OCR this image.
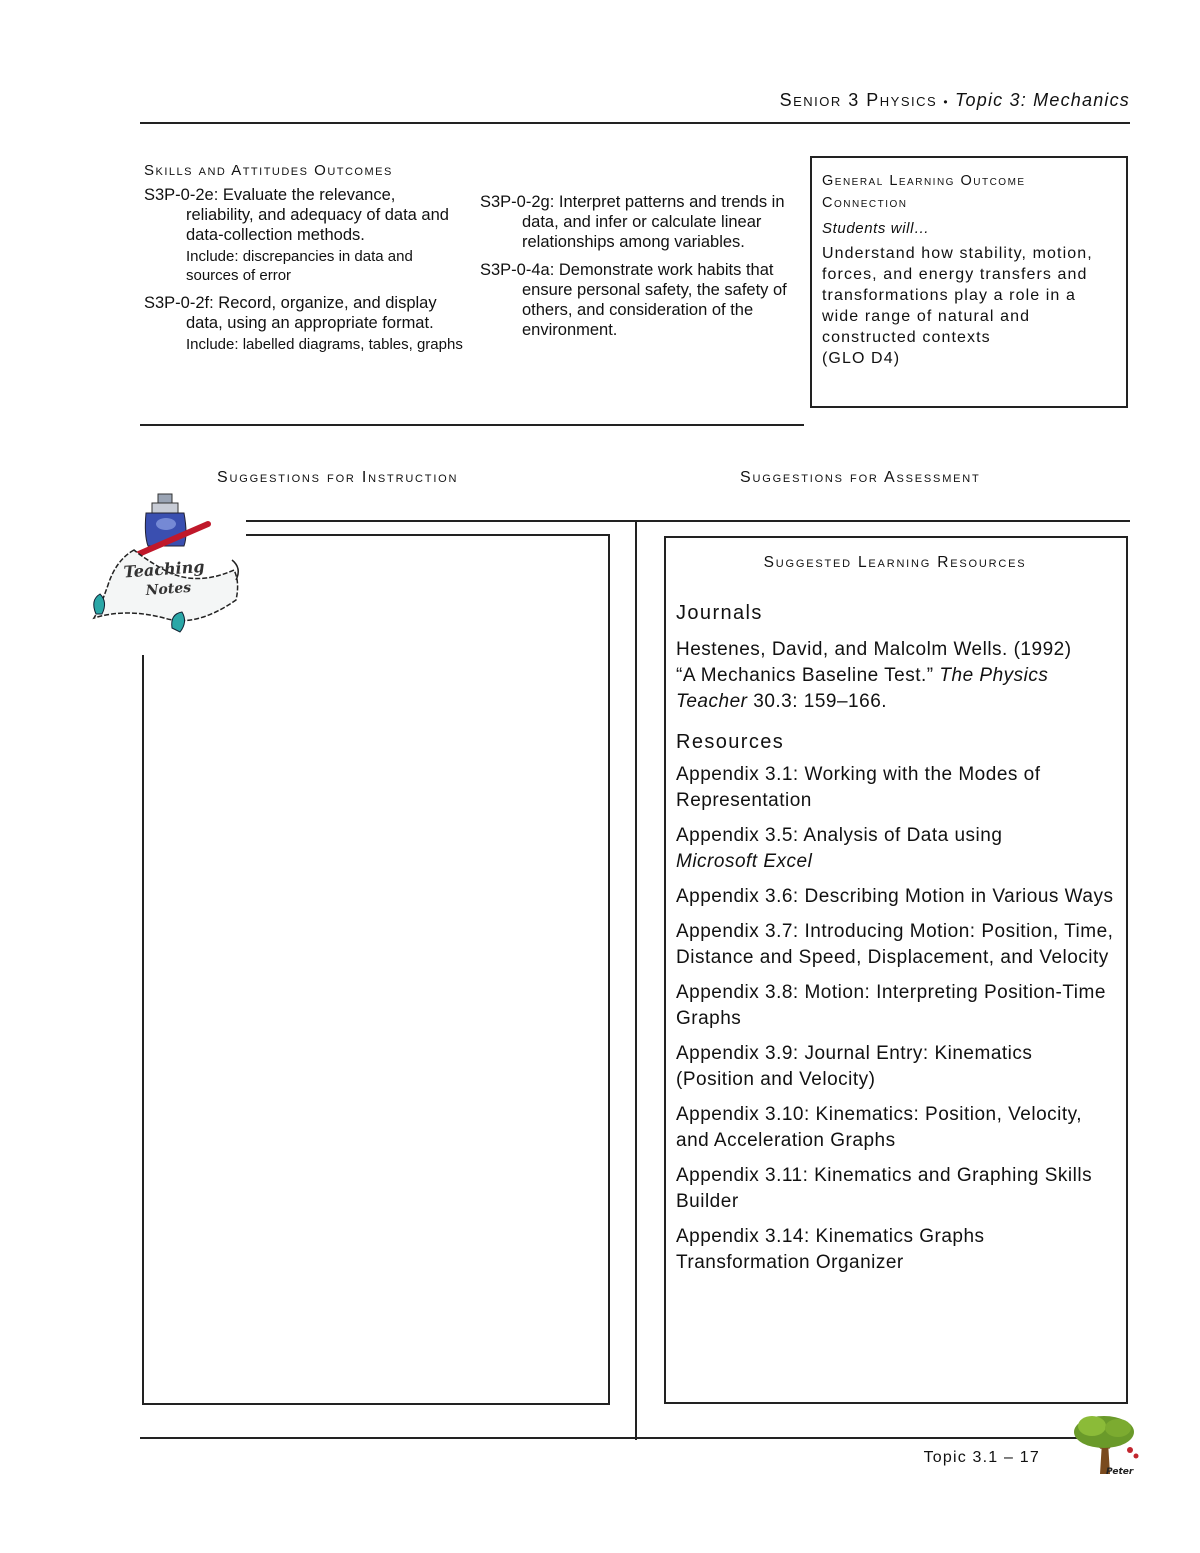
Senior 3 Physics • Topic 3: Mechanics
Skills and Attitudes Outcomes
S3P-0-2e: Evaluate the relevance, reliability, and adequacy of data and data-collection methods.
Include: discrepancies in data and sources of error
S3P-0-2f: Record, organize, and display data, using an appropriate format.
Include: labelled diagrams, tables, graphs
S3P-0-2g: Interpret patterns and trends in data, and infer or calculate linear relationships among variables.
S3P-0-4a: Demonstrate work habits that ensure personal safety, the safety of others, and consideration of the environment.
General Learning Outcome Connection
Students will…
Understand how stability, motion, forces, and energy transfers and transformations play a role in a wide range of natural and constructed contexts
(GLO D4)
Suggestions for Instruction	Suggestions for Assessment
Teaching
Notes
Suggested Learning Resources
Journals
Hestenes, David, and Malcolm Wells. (1992)
“A Mechanics Baseline Test.” The Physics Teacher 30.3: 159–166.
Resources
Appendix 3.1: Working with the Modes of Representation
Appendix 3.5: Analysis of Data using
Microsoft Excel
Appendix 3.6: Describing Motion in Various Ways
Appendix 3.7: Introducing Motion: Position, Time, Distance and Speed, Displacement, and Velocity
Appendix 3.8: Motion: Interpreting Position-Time Graphs
Appendix 3.9: Journal Entry: Kinematics (Position and Velocity)
Appendix 3.10: Kinematics: Position, Velocity, and Acceleration Graphs
Appendix 3.11: Kinematics and Graphing Skills Builder
Appendix 3.14: Kinematics Graphs Transformation Organizer
Topic 3.1 – 17
Peter
